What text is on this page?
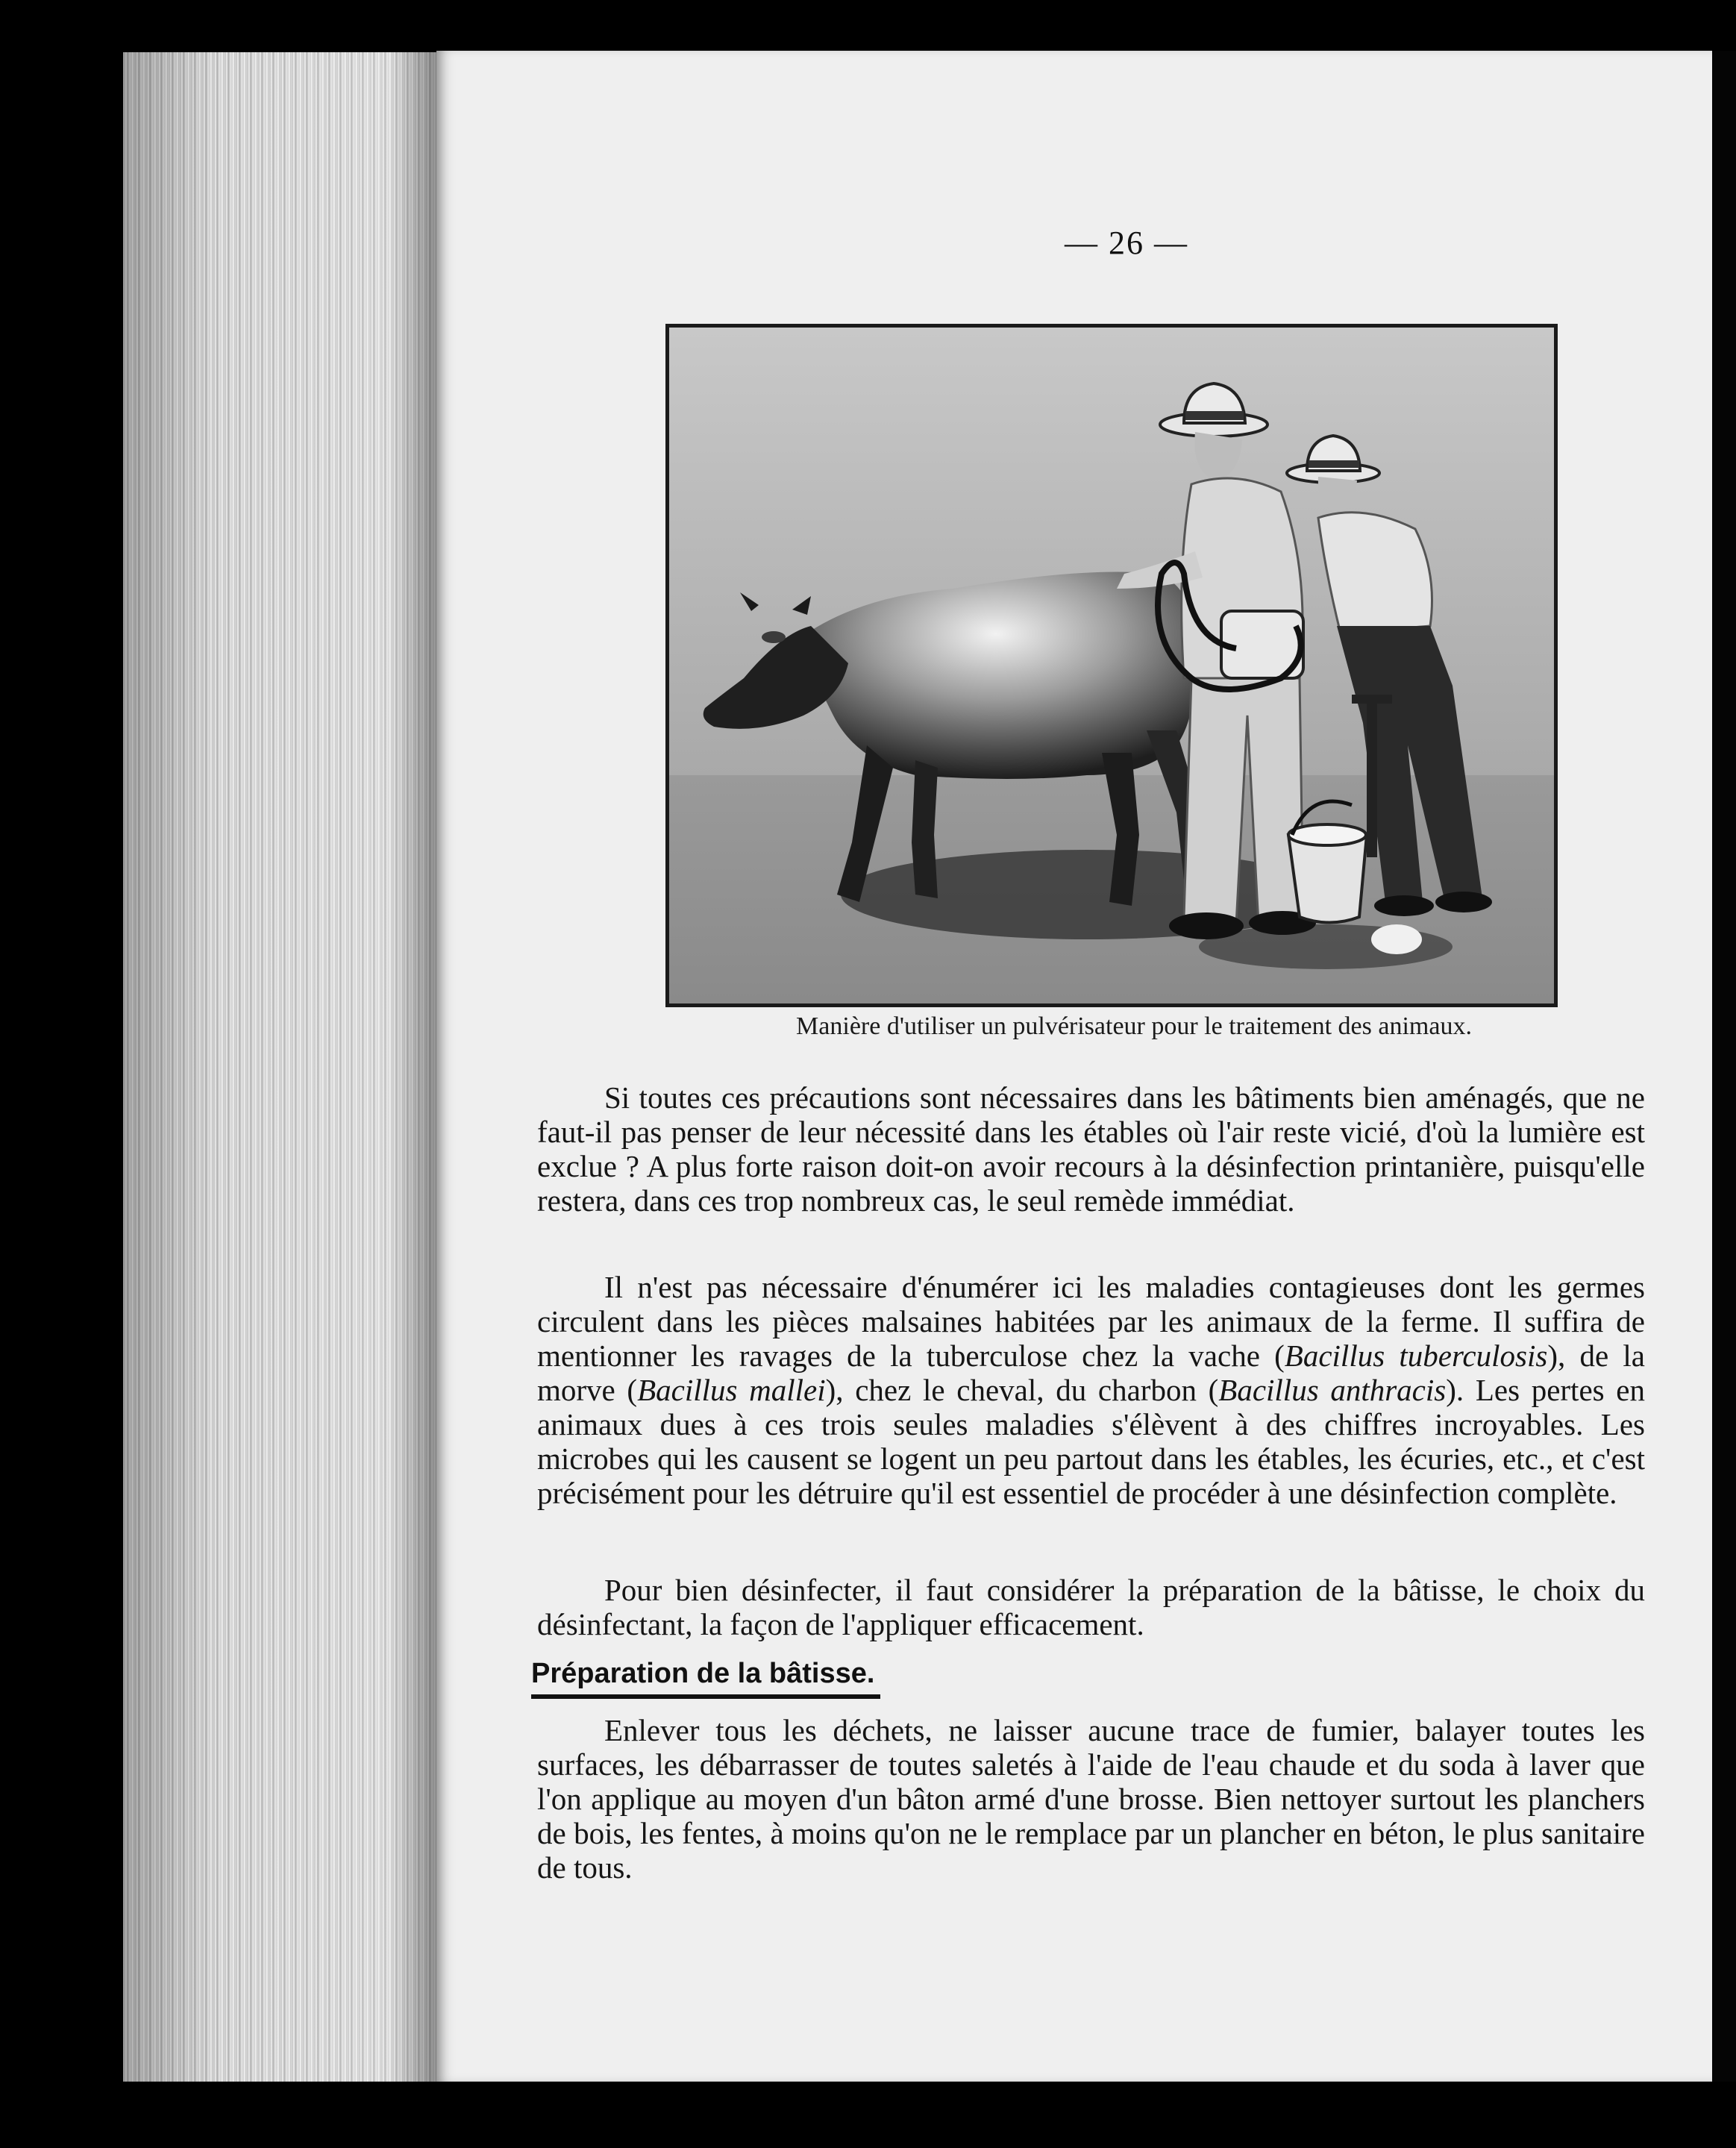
— 26 —
Manière d'utiliser un pulvérisateur pour le traitement des animaux.

Si toutes ces précautions sont nécessaires dans les bâtiments bien aménagés, que ne faut-il pas penser de leur nécessité dans les étables où l'air reste vicié, d'où la lumière est exclue ? A plus forte raison doit-on avoir recours à la désinfection printanière, puisqu'elle restera, dans ces trop nombreux cas, le seul remède immédiat.

Il n'est pas nécessaire d'énumérer ici les maladies contagieuses dont les germes circulent dans les pièces malsaines habitées par les animaux de la ferme. Il suffira de mentionner les ravages de la tuberculose chez la vache (Bacillus tuberculosis), de la morve (Bacillus mallei), chez le cheval, du charbon (Bacillus anthracis). Les pertes en animaux dues à ces trois seules maladies s'élèvent à des chiffres incroyables. Les microbes qui les causent se logent un peu partout dans les étables, les écuries, etc., et c'est précisément pour les détruire qu'il est essentiel de procéder à une désinfection complète.

Pour bien désinfecter, il faut considérer la préparation de la bâtisse, le choix du désinfectant, la façon de l'appliquer efficacement.

Préparation de la bâtisse.

Enlever tous les déchets, ne laisser aucune trace de fumier, balayer toutes les surfaces, les débarrasser de toutes saletés à l'aide de l'eau chaude et du soda à laver que l'on applique au moyen d'un bâton armé d'une brosse. Bien nettoyer surtout les planchers de bois, les fentes, à moins qu'on ne le remplace par un plancher en béton, le plus sanitaire de tous.
